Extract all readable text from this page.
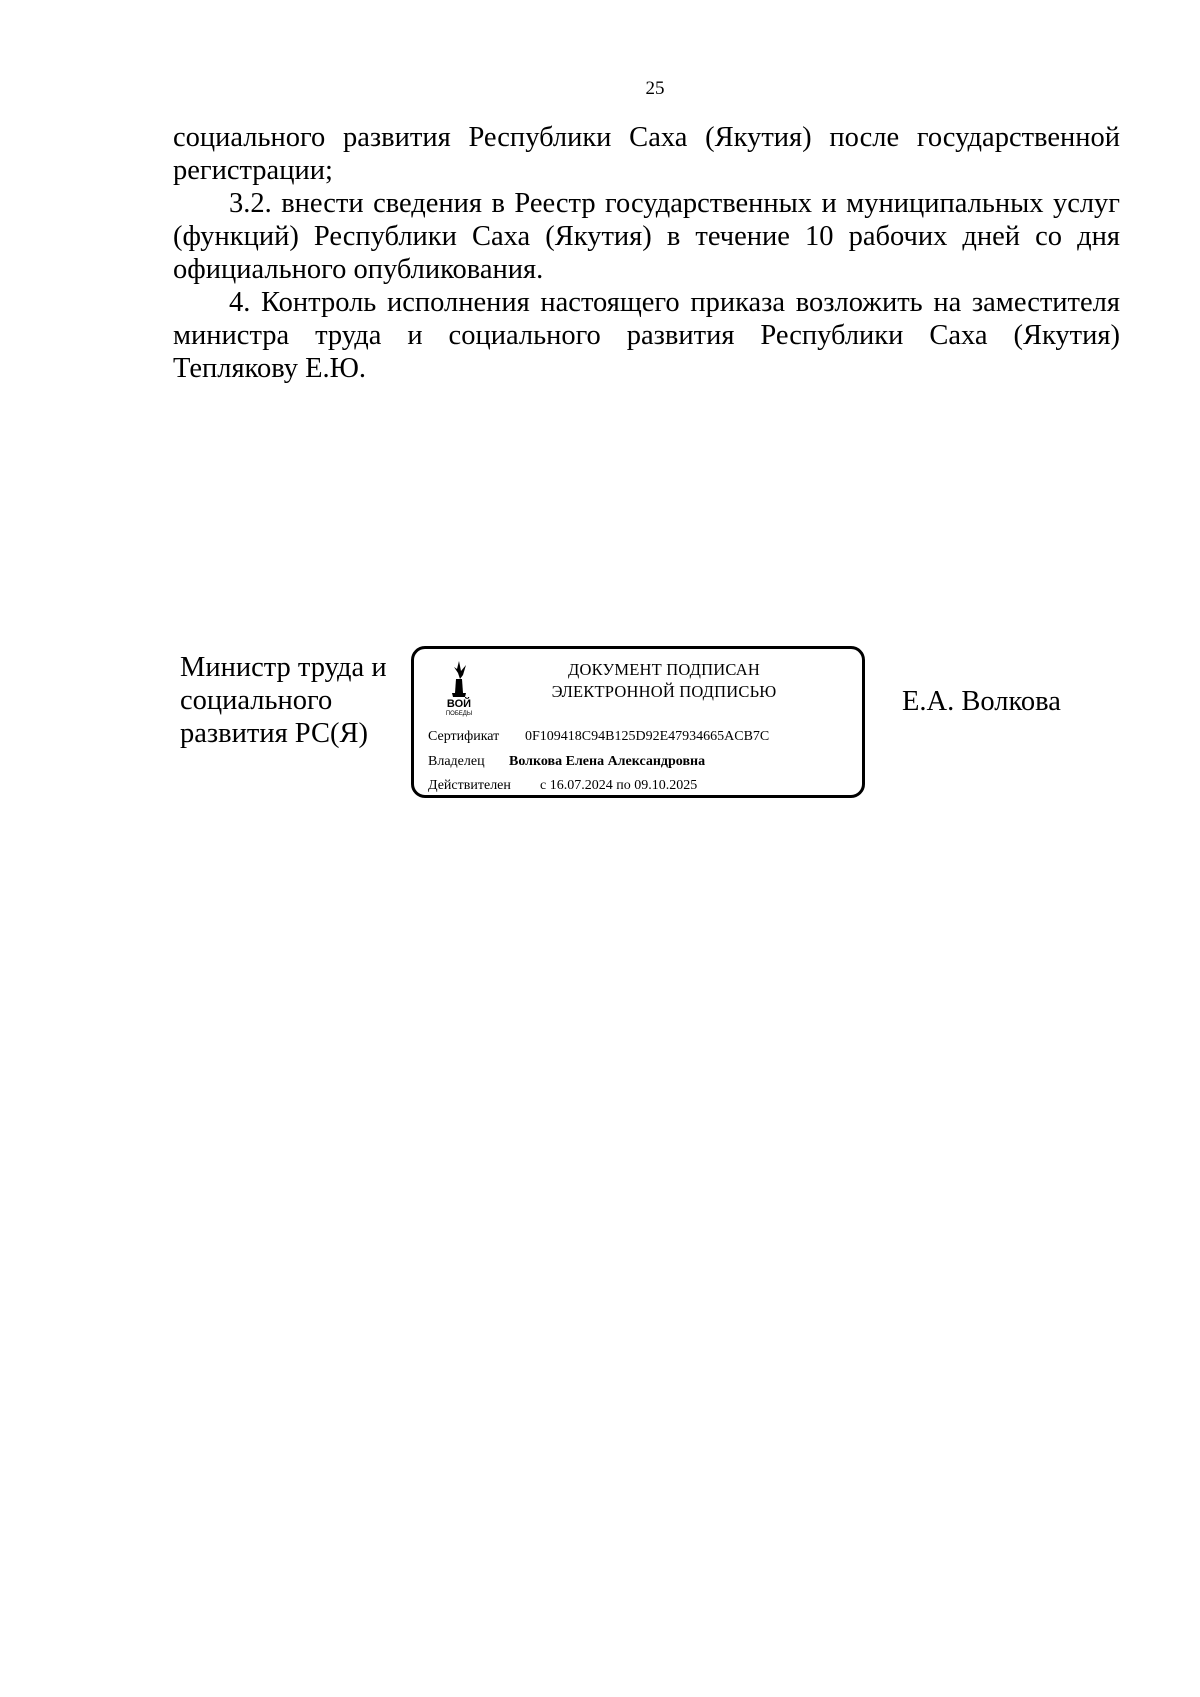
25

социального развития Республики Саха (Якутия) после государственной регистрации;

3.2. внести сведения в Реестр государственных и муниципальных услуг (функций) Республики Саха (Якутия) в течение 10 рабочих дней со дня официального опубликования.

4. Контроль исполнения настоящего приказа возложить на заместителя министра труда и социального развития Республики Саха (Якутия) Теплякову Е.Ю.

Министр труда и
социального
развития РС(Я)
ВОЙ
ПОБЕДЫ
ДОКУМЕНТ ПОДПИСАН
ЭЛЕКТРОННОЙ ПОДПИСЬЮ
Сертификат 0F109418C94B125D92E47934665ACB7C
Владелец Волкова Елена Александровна
Действителен с 16.07.2024 по 09.10.2025
Е.А. Волкова
